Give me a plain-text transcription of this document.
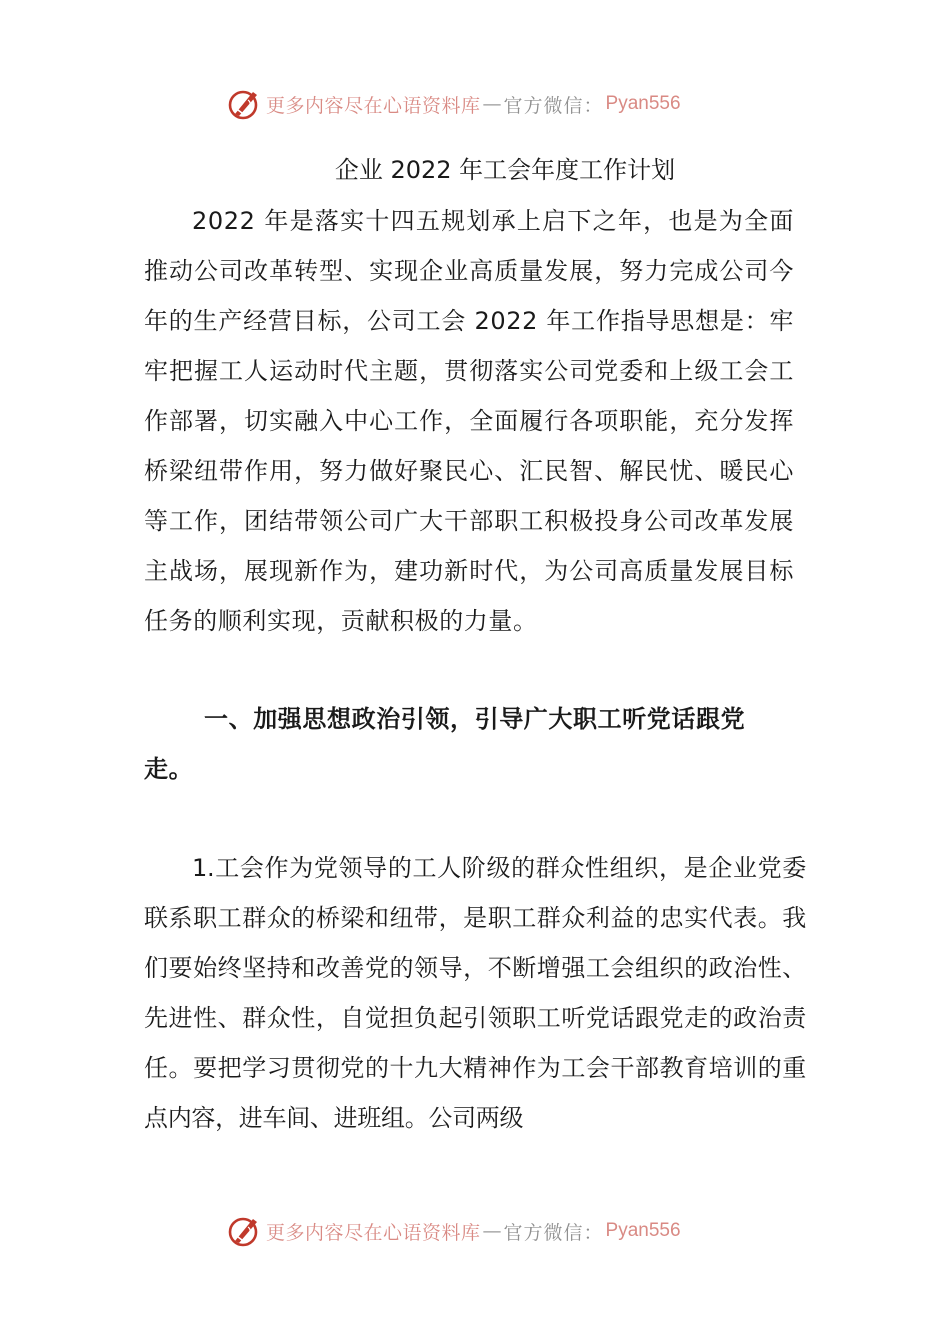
更多内容尽在心语资料库 — 官方微信： Pyan556
企业 2022 年工会年度工作计划

2022 年是落实十四五规划承上启下之年，也是为全面推动公司改革转型、实现企业高质量发展，努力完成公司今年的生产经营目标，公司工会 2022 年工作指导思想是：牢牢把握工人运动时代主题，贯彻落实公司党委和上级工会工作部署，切实融入中心工作，全面履行各项职能，充分发挥桥梁纽带作用，努力做好聚民心、汇民智、解民忧、暖民心等工作，团结带领公司广大干部职工积极投身公司改革发展主战场，展现新作为，建功新时代，为公司高质量发展目标任务的顺利实现，贡献积极的力量。

一、加强思想政治引领，引导广大职工听党话跟党走。

1.工会作为党领导的工人阶级的群众性组织，是企业党委联系职工群众的桥梁和纽带，是职工群众利益的忠实代表。我们要始终坚持和改善党的领导，不断增强工会组织的政治性、先进性、群众性，自觉担负起引领职工听党话跟党走的政治责任。要把学习贯彻党的十九大精神作为工会干部教育培训的重点内容，进车间、进班组。公司两级

更多内容尽在心语资料库 — 官方微信： Pyan556
